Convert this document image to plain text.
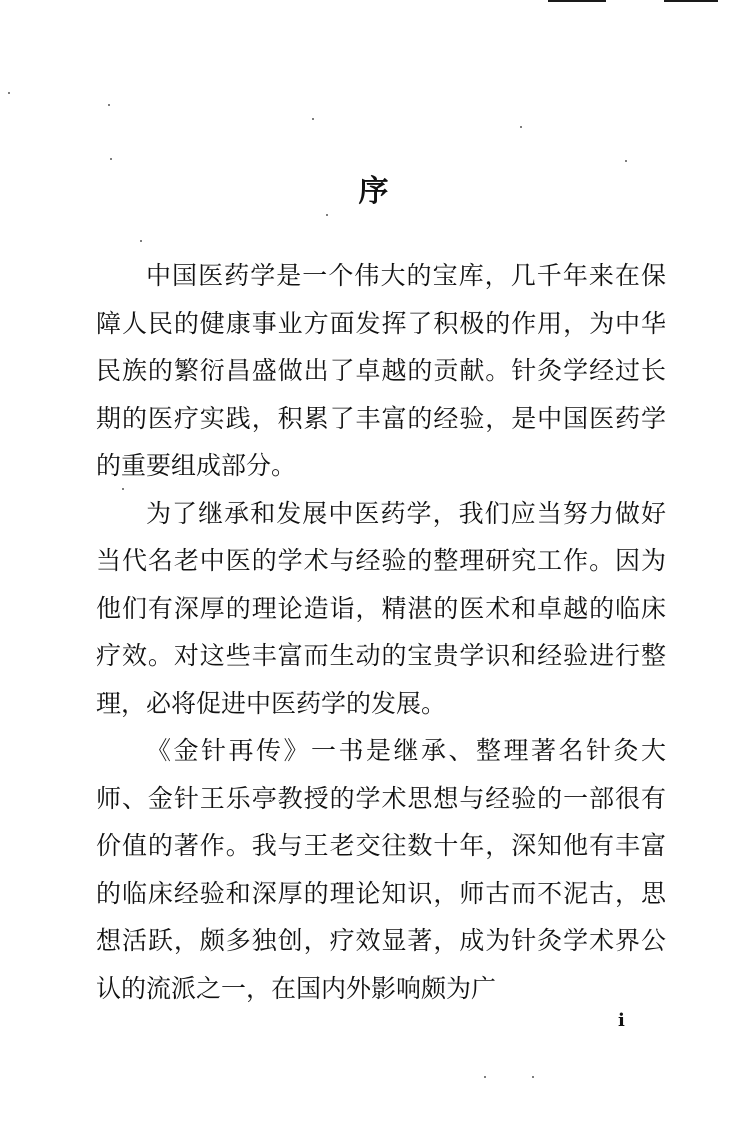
序

中国医药学是一个伟大的宝库，几千年来在保障人民的健康事业方面发挥了积极的作用，为中华民族的繁衍昌盛做出了卓越的贡献。针灸学经过长期的医疗实践，积累了丰富的经验，是中国医药学的重要组成部分。

为了继承和发展中医药学，我们应当努力做好当代名老中医的学术与经验的整理研究工作。因为他们有深厚的理论造诣，精湛的医术和卓越的临床疗效。对这些丰富而生动的宝贵学识和经验进行整理，必将促进中医药学的发展。

《金针再传》一书是继承、整理著名针灸大师、金针王乐亭教授的学术思想与经验的一部很有价值的著作。我与王老交往数十年，深知他有丰富的临床经验和深厚的理论知识，师古而不泥古，思想活跃，颇多独创，疗效显著，成为针灸学术界公认的流派之一，在国内外影响颇为广

i
